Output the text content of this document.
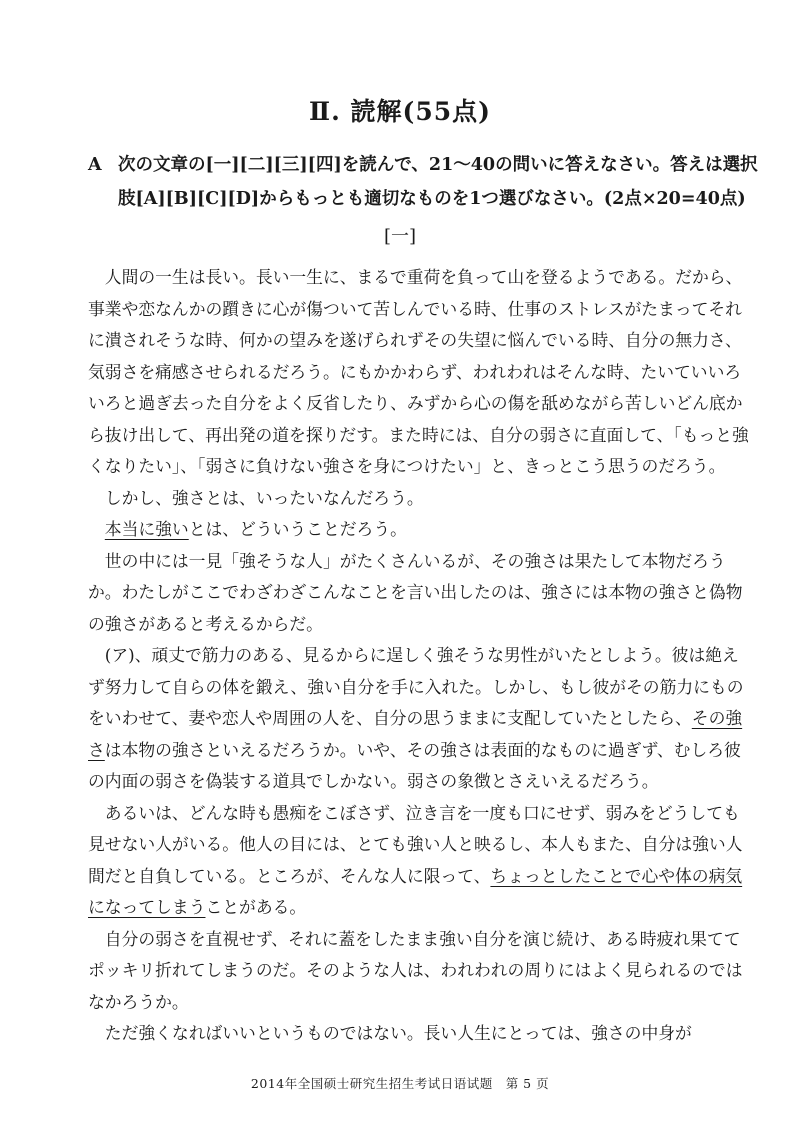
Ⅱ. 読解(55点)
A 次の文章の[一][二][三][四]を読んで、21～40の問いに答えなさい。答えは選択
肢[A][B][C][D]からもっとも適切なものを1つ選びなさい。(2点×20=40点)
[一]

人間の一生は長い。長い一生に、まるで重荷を負って山を登るようである。だから、事業や恋なんかの躓きに心が傷ついて苦しんでいる時、仕事のストレスがたまってそれに潰されそうな時、何かの望みを遂げられずその失望に悩んでいる時、自分の無力さ、気弱さを痛感させられるだろう。にもかかわらず、われわれはそんな時、たいていいろいろと過ぎ去った自分をよく反省したり、みずから心の傷を舐めながら苦しいどん底から抜け出して、再出発の道を探りだす。また時には、自分の弱さに直面して、「もっと強くなりたい」、「弱さに負けない強さを身につけたい」と、きっとこう思うのだろう。

しかし、強さとは、いったいなんだろう。

本当に強いとは、どういうことだろう。

世の中には一見「強そうな人」がたくさんいるが、その強さは果たして本物だろうか。わたしがここでわざわざこんなことを言い出したのは、強さには本物の強さと偽物の強さがあると考えるからだ。

(ア)、頑丈で筋力のある、見るからに逞しく強そうな男性がいたとしよう。彼は絶えず努力して自らの体を鍛え、強い自分を手に入れた。しかし、もし彼がその筋力にものをいわせて、妻や恋人や周囲の人を、自分の思うままに支配していたとしたら、その強さは本物の強さといえるだろうか。いや、その強さは表面的なものに過ぎず、むしろ彼の内面の弱さを偽装する道具でしかない。弱さの象徴とさえいえるだろう。

あるいは、どんな時も愚痴をこぼさず、泣き言を一度も口にせず、弱みをどうしても見せない人がいる。他人の目には、とても強い人と映るし、本人もまた、自分は強い人間だと自負している。ところが、そんな人に限って、ちょっとしたことで心や体の病気になってしまうことがある。

自分の弱さを直視せず、それに蓋をしたまま強い自分を演じ続け、ある時疲れ果ててポッキリ折れてしまうのだ。そのような人は、われわれの周りにはよく見られるのではなかろうか。

ただ強くなればいいというものではない。長い人生にとっては、強さの中身が

2014年全国硕士研究生招生考试日语试题　第 5 页
